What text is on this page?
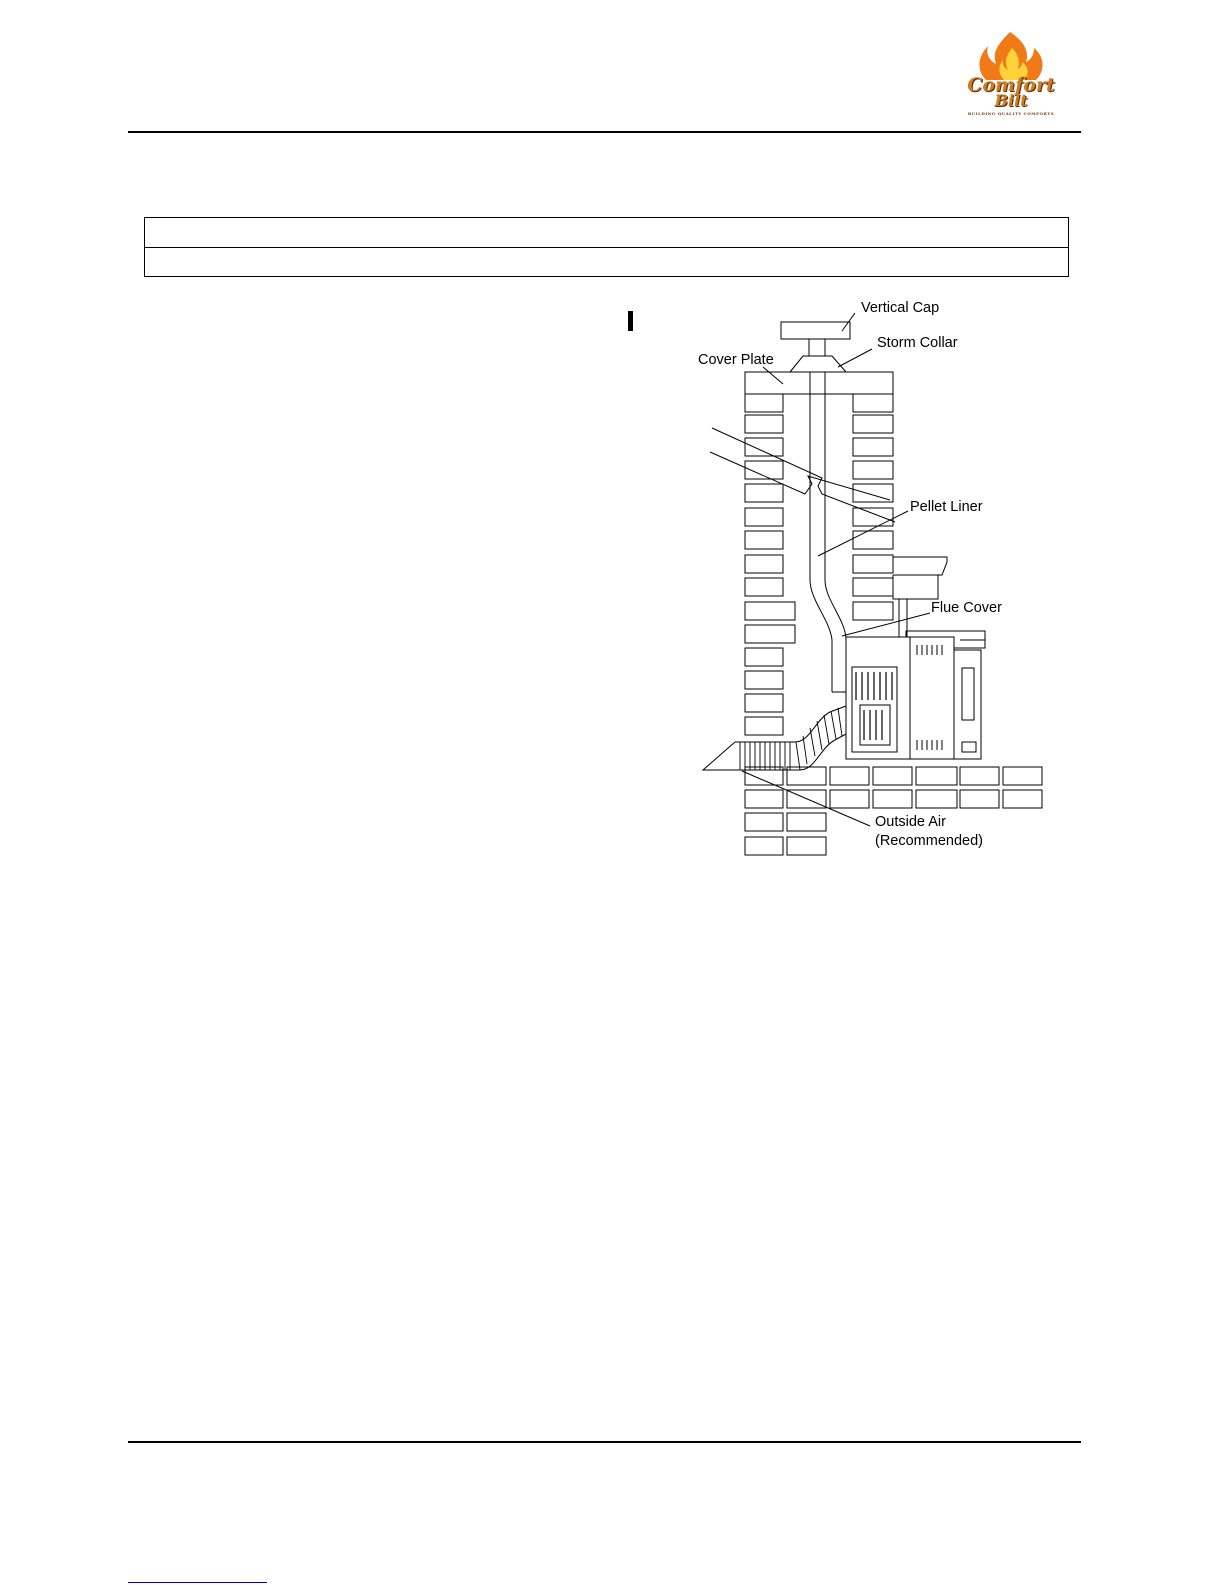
Comfort
Bilt
BUILDING QUALITY COMFORTS
Vertical Cap
Storm Collar
Cover Plate
Pellet Liner
Flue Cover
Outside Air
(Recommended)
